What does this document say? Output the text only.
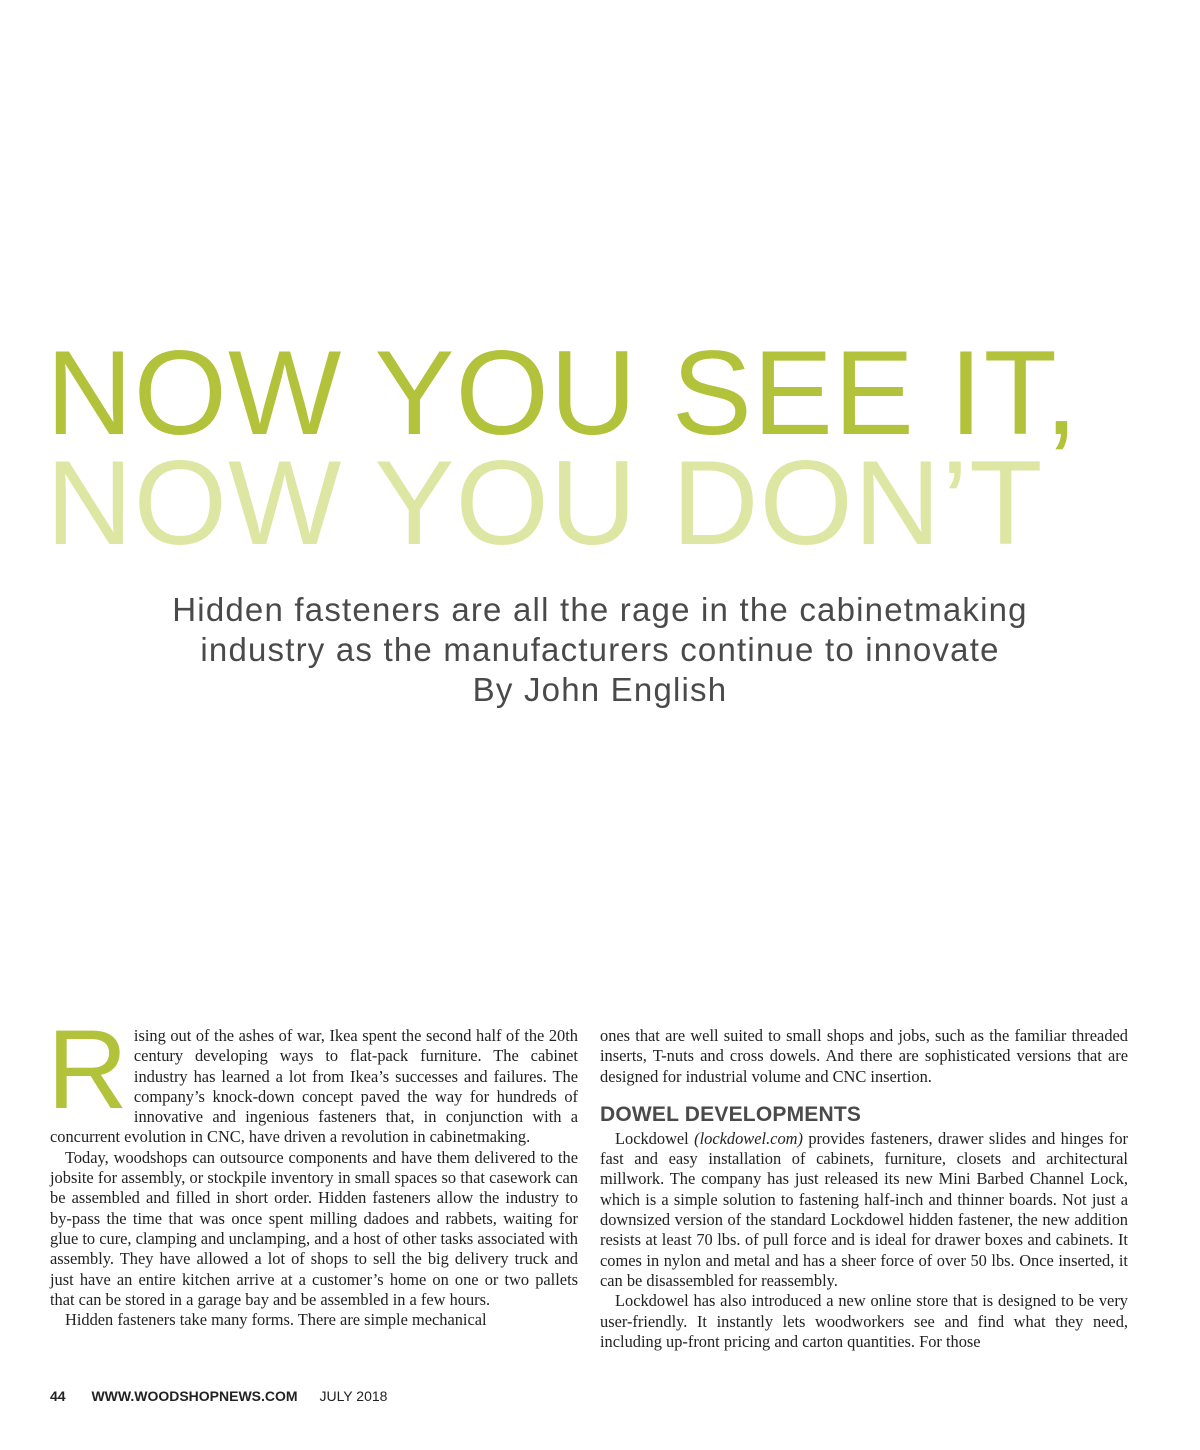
NOW YOU SEE IT,
NOW YOU DON’T
Hidden fasteners are all the rage in the cabinetmaking
industry as the manufacturers continue to innovate
By John English

Rising out of the ashes of war, Ikea spent the second half of the 20th century developing ways to flat-pack furniture. The cabinet industry has learned a lot from Ikea’s successes and failures. The company’s knock-down concept paved the way for hundreds of innovative and ingenious fasteners that, in conjunction with a concurrent evolution in CNC, have driven a revolution in cabinetmaking.

Today, woodshops can outsource components and have them delivered to the jobsite for assembly, or stockpile inventory in small spaces so that casework can be assembled and filled in short order. Hidden fasteners allow the industry to by-pass the time that was once spent milling dadoes and rabbets, waiting for glue to cure, clamping and unclamping, and a host of other tasks associated with assembly. They have allowed a lot of shops to sell the big delivery truck and just have an entire kitchen arrive at a customer’s home on one or two pallets that can be stored in a garage bay and be assembled in a few hours.

Hidden fasteners take many forms. There are simple mechanical

ones that are well suited to small shops and jobs, such as the familiar threaded inserts, T-nuts and cross dowels. And there are sophisticated versions that are designed for industrial volume and CNC insertion.

DOWEL DEVELOPMENTS

Lockdowel (lockdowel.com) provides fasteners, drawer slides and hinges for fast and easy installation of cabinets, furniture, closets and architectural millwork. The company has just released its new Mini Barbed Channel Lock, which is a simple solution to fastening half-inch and thinner boards. Not just a downsized version of the standard Lockdowel hidden fastener, the new addition resists at least 70 lbs. of pull force and is ideal for drawer boxes and cabinets. It comes in nylon and metal and has a sheer force of over 50 lbs. Once inserted, it can be disassembled for reassembly.

Lockdowel has also introduced a new online store that is designed to be very user-friendly. It instantly lets woodworkers see and find what they need, including up-front pricing and carton quantities. For those

44 WWW.WOODSHOPNEWS.COM JULY 2018
